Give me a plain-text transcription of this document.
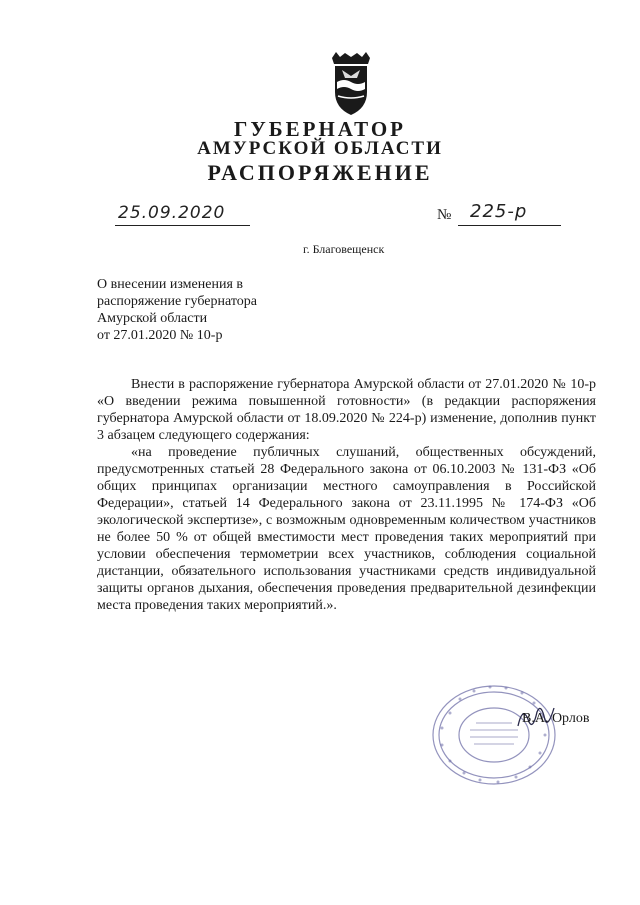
ГУБЕРНАТОР
АМУРСКОЙ ОБЛАСТИ
РАСПОРЯЖЕНИЕ
25.09.2020	№ 225-р
г. Благовещенск
О внесении изменения в
распоряжение губернатора
Амурской области
от 27.01.2020 № 10-р

Внести в распоряжение губернатора Амурской области от 27.01.2020 № 10-р «О введении режима повышенной готовности» (в редакции распоряжения губернатора Амурской области от 18.09.2020 № 224-р) изменение, дополнив пункт 3 абзацем следующего содержания:

«на проведение публичных слушаний, общественных обсуждений, предусмотренных статьей 28 Федерального закона от 06.10.2003 № 131-ФЗ «Об общих принципах организации местного самоуправления в Российской Федерации», статьей 14 Федерального закона от 23.11.1995 № 174-ФЗ «Об экологической экспертизе», с возможным одновременным количеством участников не более 50 % от общей вместимости мест проведения таких мероприятий при условии обеспечения термометрии всех участников, соблюдения социальной дистанции, обязательного использования участниками средств индивидуальной защиты органов дыхания, обеспечения проведения предварительной дезинфекции места проведения таких мероприятий.».

В.А. Орлов
